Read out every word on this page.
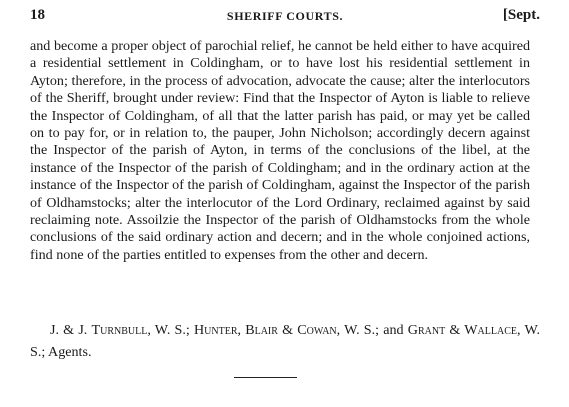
18	SHERIFF COURTS.	[Sept.

and become a proper object of parochial relief, he cannot be held either to have acquired a residential settlement in Coldingham, or to have lost his residential settlement in Ayton; therefore, in the process of advocation, advocate the cause; alter the interlocutors of the Sheriff, brought under review: Find that the Inspector of Ayton is liable to relieve the Inspector of Coldingham, of all that the latter parish has paid, or may yet be called on to pay for, or in relation to, the pauper, John Nicholson; accordingly decern against the Inspector of the parish of Ayton, in terms of the conclusions of the libel, at the instance of the Inspector of the parish of Coldingham; and in the ordinary action at the instance of the Inspector of the parish of Coldingham, against the Inspector of the parish of Oldhamstocks; alter the interlocutor of the Lord Ordinary, reclaimed against by said reclaiming note. Assoilzie the Inspector of the parish of Oldhamstocks from the whole conclusions of the said ordinary action and decern; and in the whole conjoined actions, find none of the parties entitled to expenses from the other and decern.

J. & J. Turnbull, W. S.; Hunter, Blair & Cowan, W. S.; and Grant & Wallace, W. S.; Agents.
